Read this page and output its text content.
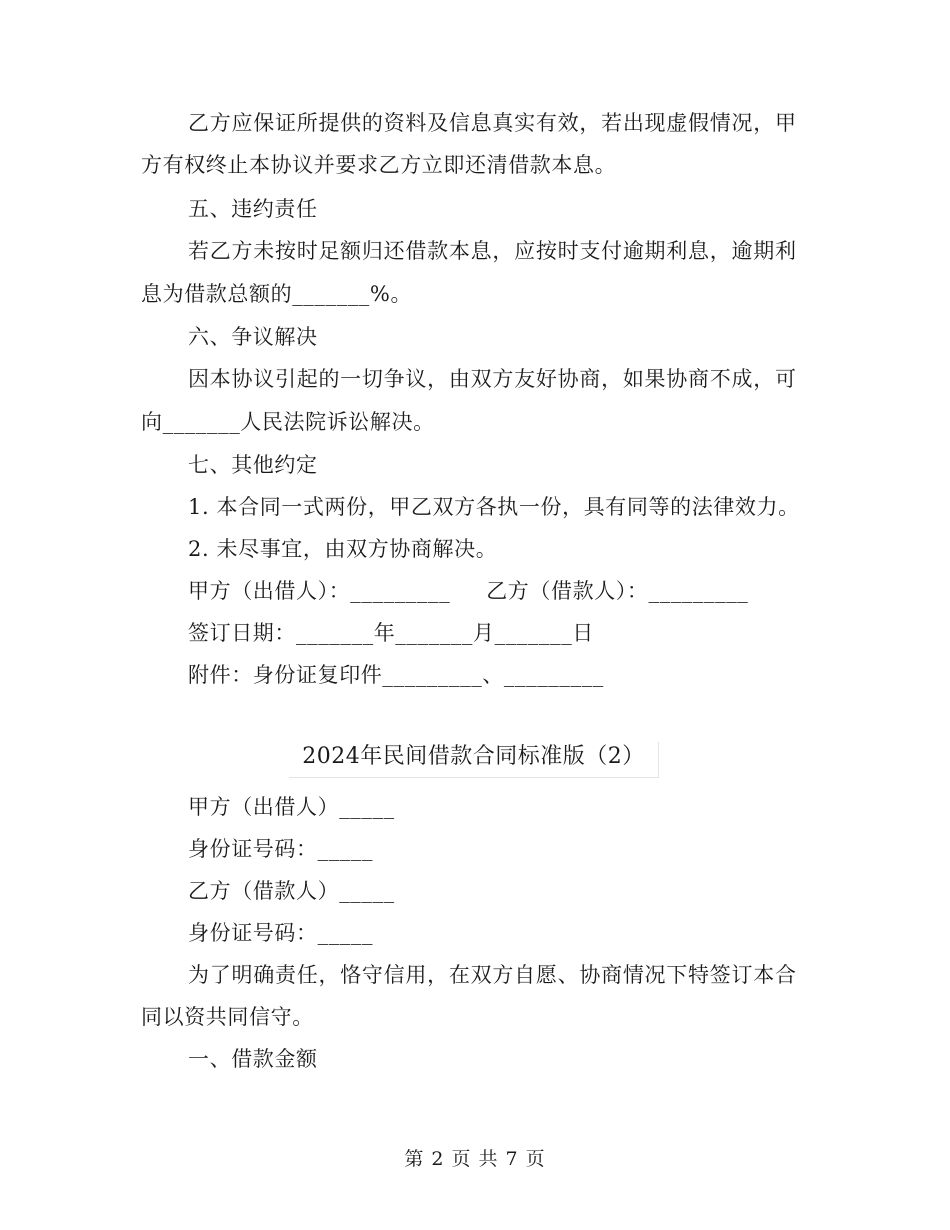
乙方应保证所提供的资料及信息真实有效，若出现虚假情况，甲
方有权终止本协议并要求乙方立即还清借款本息。
五、违约责任
若乙方未按时足额归还借款本息，应按时支付逾期利息，逾期利
息为借款总额的_______%。
六、争议解决
因本协议引起的一切争议，由双方友好协商，如果协商不成，可
向_______人民法院诉讼解决。
七、其他约定
1. 本合同一式两份，甲乙双方各执一份，具有同等的法律效力。
2. 未尽事宜，由双方协商解决。
甲方（出借人）：_________ 乙方（借款人）：_________
签订日期：_______年_______月_______日
附件：身份证复印件_________、_________
2024年民间借款合同标准版（2）
甲方（出借人）_____
身份证号码：_____
乙方（借款人）_____
身份证号码：_____
为了明确责任，恪守信用，在双方自愿、协商情况下特签订本合
同以资共同信守。
一、借款金额
第 2 页 共 7 页
